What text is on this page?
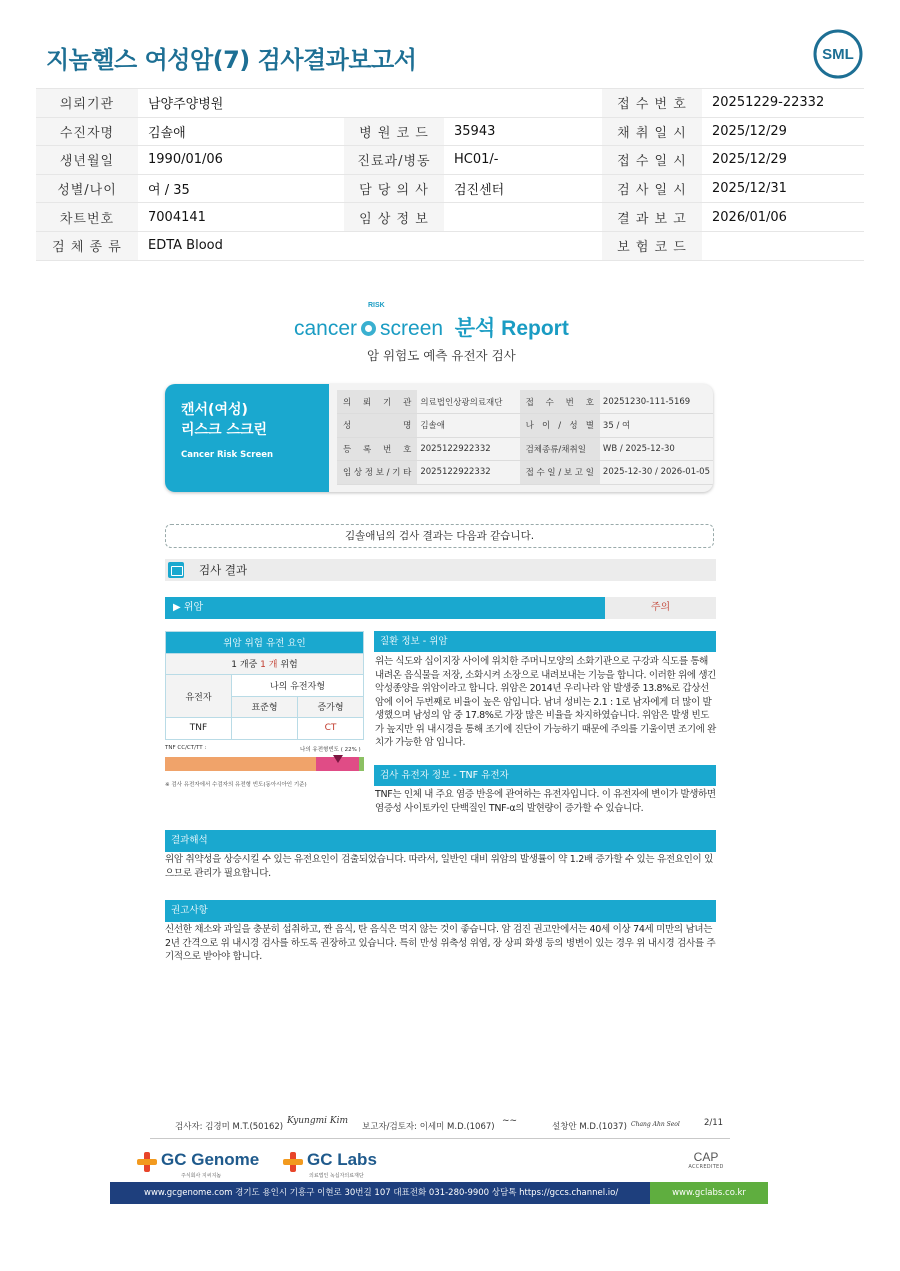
지놈헬스 여성암(7) 검사결과보고서	SML
의뢰기관	남양주양병원			접 수 번 호	20251229-22332
수진자명	김솔애	병 원 코 드	35943	채 취 일 시	2025/12/29
생년월일	1990/01/06	진료과/병동	HC01/-	접 수 일 시	2025/12/29
성별/나이	여 / 35	담 당 의 사	검진센터	검 사 일 시	2025/12/31
차트번호	7004141	임 상 정 보		결 과 보 고	2026/01/06
검 체 종 류	EDTA Blood			보 험 코 드	
cancer screen
RISK
분석 Report
암 위험도 예측 유전자 검사
캔서(여성)
리스크 스크린
Cancer Risk Screen
의 뢰 기 관	의료법인상광의료재단	접 수 번 호	20251230-111-5169
성 명	김솔애	나 이 / 성 별	35 / 여
등 록 번 호	2025122922332	검체종류/채취일	WB / 2025-12-30
임 상 정 보 / 기 타	2025122922332	접 수 일 / 보 고 일	2025-12-30 / 2026-01-05
김솔애님의 검사 결과는 다음과 같습니다.
검사 결과
▶ 위암	주의
위암 위험 유전 요인		
1 개중 1 개 위험		
유전자	나의 유전자형	
	표준형	증가형
TNF		CT
TNF CC/CT/TT :	나의 유전형빈도 ( 22% )
※ 검사 유전자에서 수검자의 유전형 빈도(동아시아인 기준)
질환 정보 - 위암
위는 식도와 십이지장 사이에 위치한 주머니모양의 소화기관으로 구강과 식도를 통해 내려온 음식물을 저장, 소화시켜 소장으로 내려보내는 기능을 합니다. 이러한 위에 생긴 악성종양을 위암이라고 합니다. 위암은 2014년 우리나라 암 발생중 13.8%로 갑상선암에 이어 두번째로 비율이 높은 암입니다. 남녀 성비는 2.1 : 1로 남자에게 더 많이 발생했으며 남성의 암 중 17.8%로 가장 많은 비율을 차지하였습니다. 위암은 발생 빈도가 높지만 위 내시경을 통해 조기에 진단이 가능하기 때문에 주의를 기울이면 조기에 완치가 가능한 암 입니다.
검사 유전자 정보 - TNF 유전자
TNF는 인체 내 주요 염증 반응에 관여하는 유전자입니다. 이 유전자에 변이가 발생하면 염증성 사이토카인 단백질인 TNF-α의 발현량이 증가할 수 있습니다.
결과해석
위암 취약성을 상승시킬 수 있는 유전요인이 검출되었습니다. 따라서, 일반인 대비 위암의 발생률이 약 1.2배 증가할 수 있는 유전요인이 있으므로 관리가 필요합니다.
권고사항
신선한 채소와 과일을 충분히 섭취하고, 짠 음식, 탄 음식은 먹지 않는 것이 좋습니다. 암 검진 권고안에서는 40세 이상 74세 미만의 남녀는 2년 간격으로 위 내시경 검사를 하도록 권장하고 있습니다. 특히 만성 위축성 위염, 장 상피 화생 등의 병변이 있는 경우 위 내시경 검사를 주기적으로 받아야 합니다.
검사자: 김경미 M.T.(50162)
Kyungmi Kim
보고자/검토자: 이세미 M.D.(1067)
~~
설창안 M.D.(1037) Chang Ahn Seol	2/11
GC Genome
주식회사 지씨지놈
GC Labs
의료법인 녹십자의료재단
CAP
ACCREDITED
www.gcgenome.com 경기도 용인시 기흥구 이현로 30번길 107 대표전화 031-280-9900 상담톡 https://gccs.channel.io/	www.gclabs.co.kr
